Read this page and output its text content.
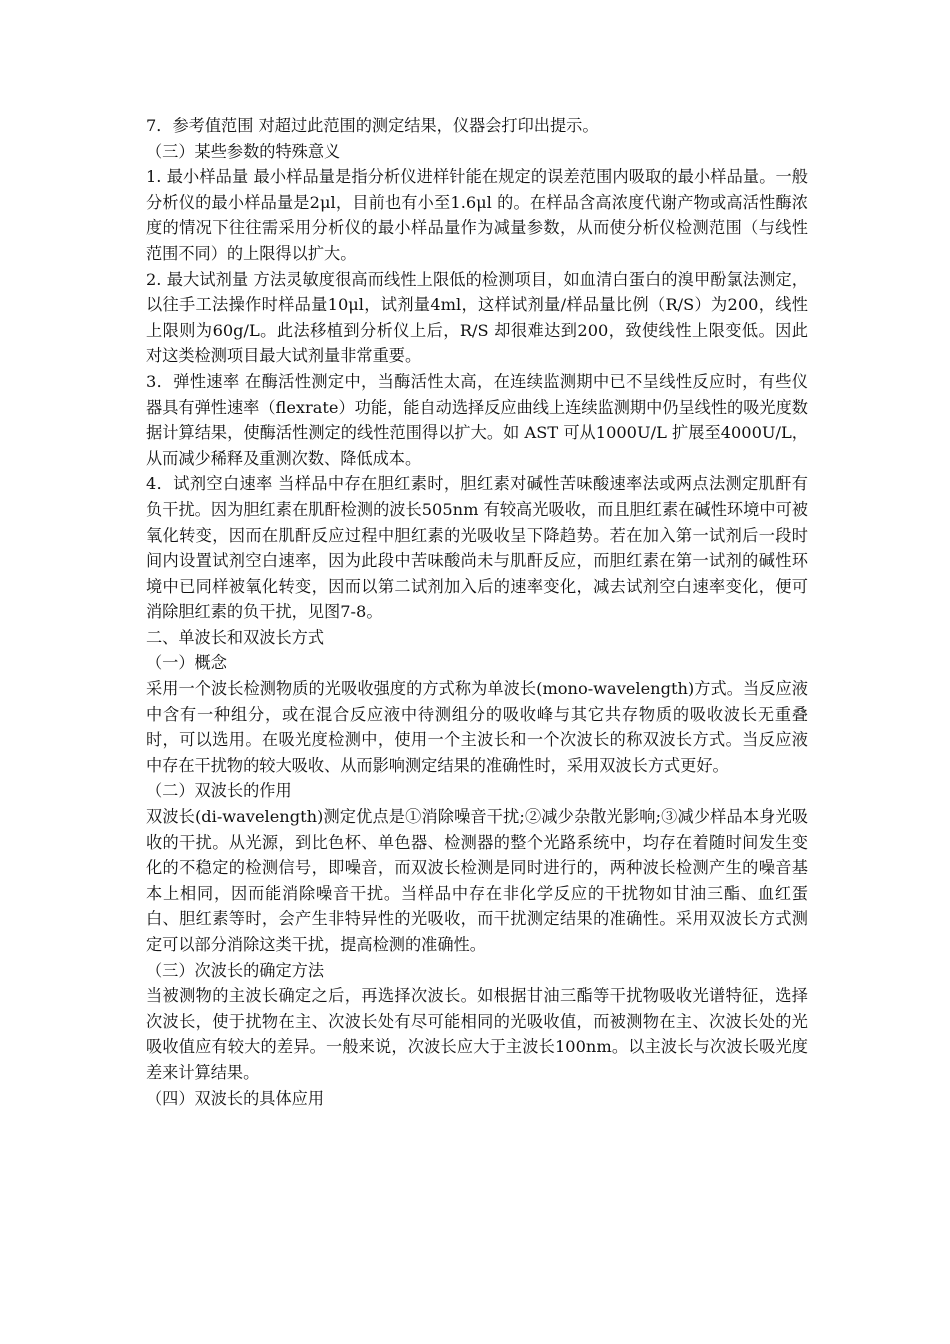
7．参考值范围 对超过此范围的测定结果，仪器会打印出提示。

（三）某些参数的特殊意义

1. 最小样品量 最小样品量是指分析仪进样针能在规定的误差范围内吸取的最小样品量。一般分析仪的最小样品量是2μl，目前也有小至1.6μl 的。在样品含高浓度代谢产物或高活性酶浓度的情况下往往需采用分析仪的最小样品量作为减量参数，从而使分析仪检测范围（与线性范围不同）的上限得以扩大。

2. 最大试剂量 方法灵敏度很高而线性上限低的检测项目，如血清白蛋白的溴甲酚氯法测定，以往手工法操作时样品量10μl，试剂量4ml，这样试剂量/样品量比例（R/S）为200，线性上限则为60g/L。此法移植到分析仪上后，R/S 却很难达到200，致使线性上限变低。因此对这类检测项目最大试剂量非常重要。

3．弹性速率 在酶活性测定中，当酶活性太高，在连续监测期中已不呈线性反应时，有些仪器具有弹性速率（flexrate）功能，能自动选择反应曲线上连续监测期中仍呈线性的吸光度数据计算结果，使酶活性测定的线性范围得以扩大。如 AST 可从1000U/L 扩展至4000U/L，从而减少稀释及重测次数、降低成本。

4．试剂空白速率 当样品中存在胆红素时，胆红素对碱性苦味酸速率法或两点法测定肌酐有负干扰。因为胆红素在肌酐检测的波长505nm 有较高光吸收，而且胆红素在碱性环境中可被氧化转变，因而在肌酐反应过程中胆红素的光吸收呈下降趋势。若在加入第一试剂后一段时间内设置试剂空白速率，因为此段中苦味酸尚未与肌酐反应，而胆红素在第一试剂的碱性环境中已同样被氧化转变，因而以第二试剂加入后的速率变化，减去试剂空白速率变化，便可消除胆红素的负干扰，见图7-8。

二、单波长和双波长方式

（一）概念

采用一个波长检测物质的光吸收强度的方式称为单波长(mono-wavelength)方式。当反应液中含有一种组分，或在混合反应液中待测组分的吸收峰与其它共存物质的吸收波长无重叠时，可以选用。在吸光度检测中，使用一个主波长和一个次波长的称双波长方式。当反应液中存在干扰物的较大吸收、从而影响测定结果的准确性时，采用双波长方式更好。

（二）双波长的作用

双波长(di-wavelength)测定优点是①消除噪音干扰;②减少杂散光影响;③减少样品本身光吸收的干扰。从光源，到比色杯、单色器、检测器的整个光路系统中，均存在着随时间发生变化的不稳定的检测信号，即噪音，而双波长检测是同时进行的，两种波长检测产生的噪音基本上相同，因而能消除噪音干扰。当样品中存在非化学反应的干扰物如甘油三酯、血红蛋白、胆红素等时，会产生非特异性的光吸收，而干扰测定结果的准确性。采用双波长方式测定可以部分消除这类干扰，提高检测的准确性。

（三）次波长的确定方法

当被测物的主波长确定之后，再选择次波长。如根据甘油三酯等干扰物吸收光谱特征，选择次波长，使于扰物在主、次波长处有尽可能相同的光吸收值，而被测物在主、次波长处的光吸收值应有较大的差异。一般来说，次波长应大于主波长100nm。以主波长与次波长吸光度差来计算结果。

（四）双波长的具体应用
